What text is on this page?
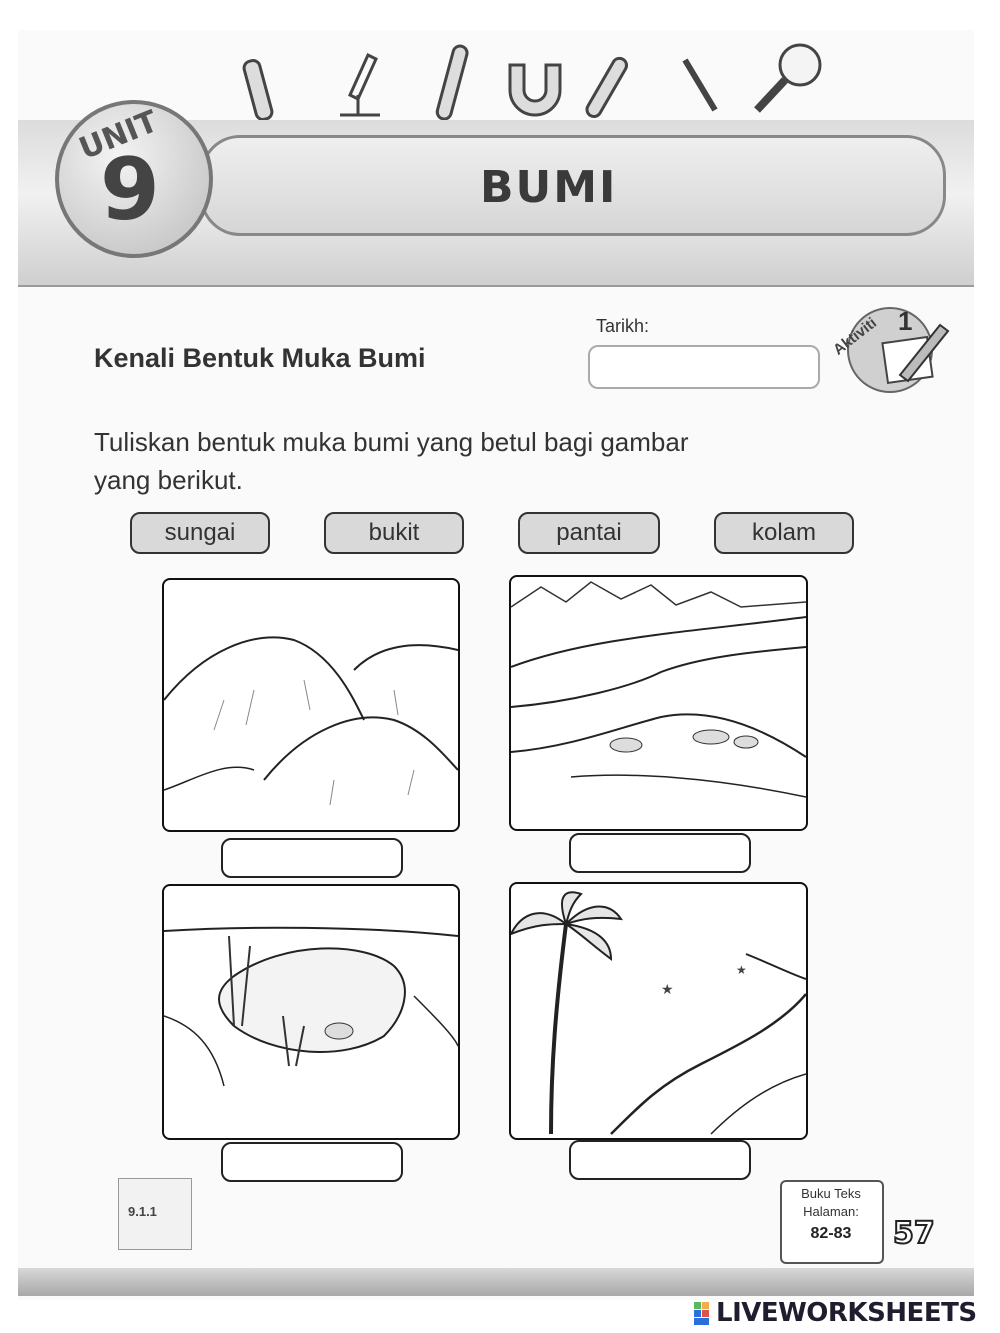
UNIT
9	BUMI
Tarikh:	Aktiviti 1
Kenali Bentuk Muka Bumi
Tuliskan bentuk muka bumi yang betul bagi gambar yang berikut.
sungai	bukit	pantai	kolam
★
★
9.1.1
Buku Teks
Halaman:
82-83	57
LIVEWORKSHEETS
